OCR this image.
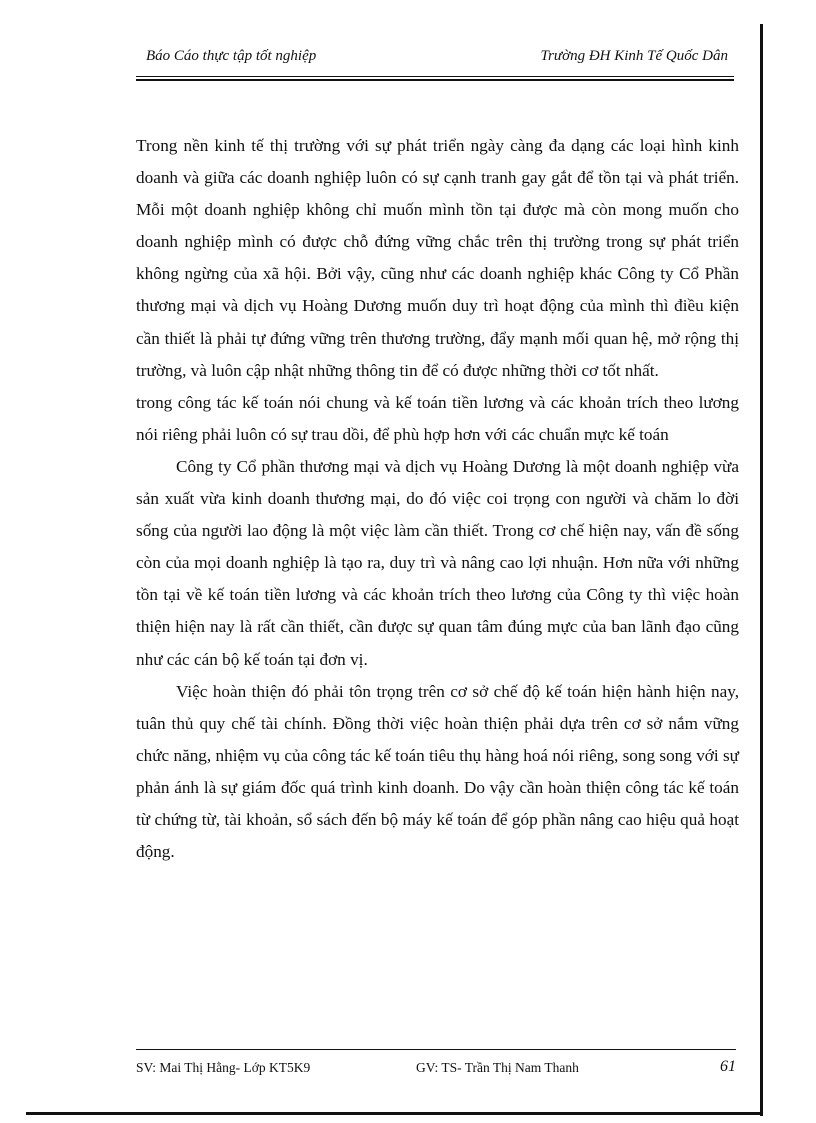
Báo Cáo thực tập tốt nghiệp	Trường ĐH Kinh Tế Quốc Dân

Trong nền kinh tế thị trường với sự phát triển ngày càng đa dạng các loại hình kinh doanh và giữa các doanh nghiệp luôn có sự cạnh tranh gay gắt để tồn tại và phát triển. Mỗi một doanh nghiệp không chỉ muốn mình tồn tại được mà còn mong muốn cho doanh nghiệp mình có được chỗ đứng vững chắc trên thị trường trong sự phát triển không ngừng của xã hội. Bởi vậy, cũng như các doanh nghiệp khác Công ty Cổ Phần thương mại và dịch vụ Hoàng Dương muốn duy trì hoạt động của mình thì điều kiện cần thiết là phải tự đứng vững trên thương trường, đẩy mạnh mối quan hệ, mở rộng thị trường, và luôn cập nhật những thông tin để có được những thời cơ tốt nhất.

trong công tác kế toán nói chung và kế toán tiền lương và các khoản trích theo lương nói riêng phải luôn có sự trau dồi, để phù hợp hơn với các chuẩn mực kế toán

Công ty Cổ phần thương mại và dịch vụ Hoàng Dương là một doanh nghiệp vừa sản xuất vừa kinh doanh thương mại, do đó việc coi trọng con người và chăm lo đời sống của người lao động là một việc làm cần thiết. Trong cơ chế hiện nay, vấn đề sống còn của mọi doanh nghiệp là tạo ra, duy trì và nâng cao lợi nhuận. Hơn nữa với những tồn tại về kế toán tiền lương và các khoản trích theo lương của Công ty thì việc hoàn thiện hiện nay là rất cần thiết, cần được sự quan tâm đúng mực của ban lãnh đạo cũng như các cán bộ kế toán tại đơn vị.

Việc hoàn thiện đó phải tôn trọng trên cơ sở chế độ kế toán hiện hành hiện nay, tuân thủ quy chế tài chính. Đồng thời việc hoàn thiện phải dựa trên cơ sở nắm vững chức năng, nhiệm vụ của công tác kế toán tiêu thụ hàng hoá nói riêng, song song với sự phản ánh là sự giám đốc quá trình kinh doanh. Do vậy cần hoàn thiện công tác kế toán từ chứng từ, tài khoản, sổ sách đến bộ máy kế toán để góp phần nâng cao hiệu quả hoạt động.

SV: Mai Thị Hằng- Lớp KT5K9	GV: TS- Trần Thị Nam Thanh	61
